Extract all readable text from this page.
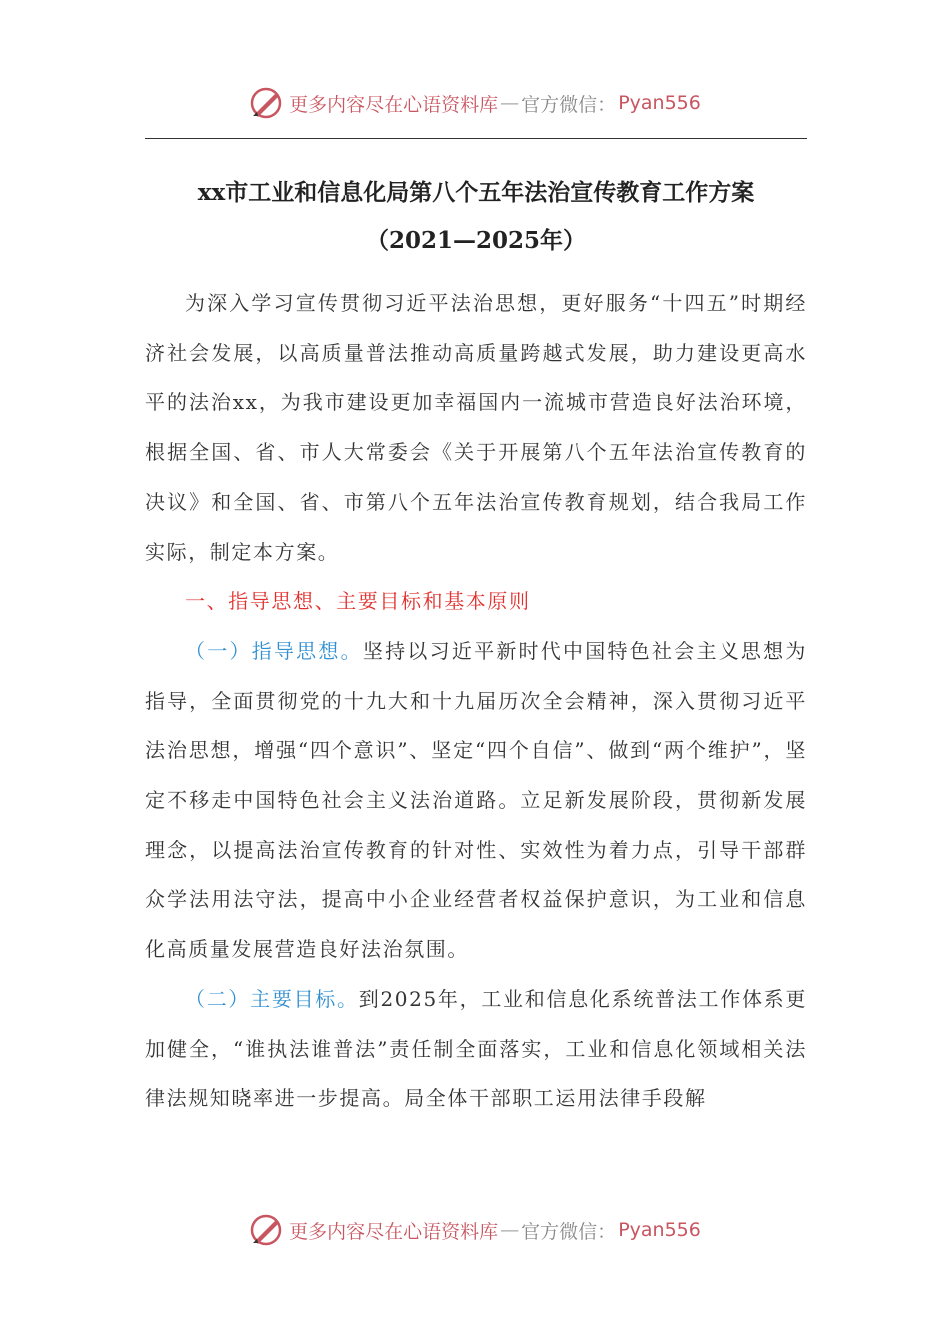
更多内容尽在心语资料库 — 官方微信： Pyan556
xx市工业和信息化局第八个五年法治宣传教育工作方案
（2021—2025年）

为深入学习宣传贯彻习近平法治思想，更好服务“十四五”时期经济社会发展，以高质量普法推动高质量跨越式发展，助力建设更高水平的法治xx，为我市建设更加幸福国内一流城市营造良好法治环境，根据全国、省、市人大常委会《关于开展第八个五年法治宣传教育的决议》和全国、省、市第八个五年法治宣传教育规划，结合我局工作实际，制定本方案。

一、指导思想、主要目标和基本原则

（一）指导思想。坚持以习近平新时代中国特色社会主义思想为指导，全面贯彻党的十九大和十九届历次全会精神，深入贯彻习近平法治思想，增强“四个意识”、坚定“四个自信”、做到“两个维护”，坚定不移走中国特色社会主义法治道路。立足新发展阶段，贯彻新发展理念，以提高法治宣传教育的针对性、实效性为着力点，引导干部群众学法用法守法，提高中小企业经营者权益保护意识，为工业和信息化高质量发展营造良好法治氛围。

（二）主要目标。到2025年，工业和信息化系统普法工作体系更加健全，“谁执法谁普法”责任制全面落实，工业和信息化领域相关法律法规知晓率进一步提高。局全体干部职工运用法律手段解

更多内容尽在心语资料库 — 官方微信： Pyan556
